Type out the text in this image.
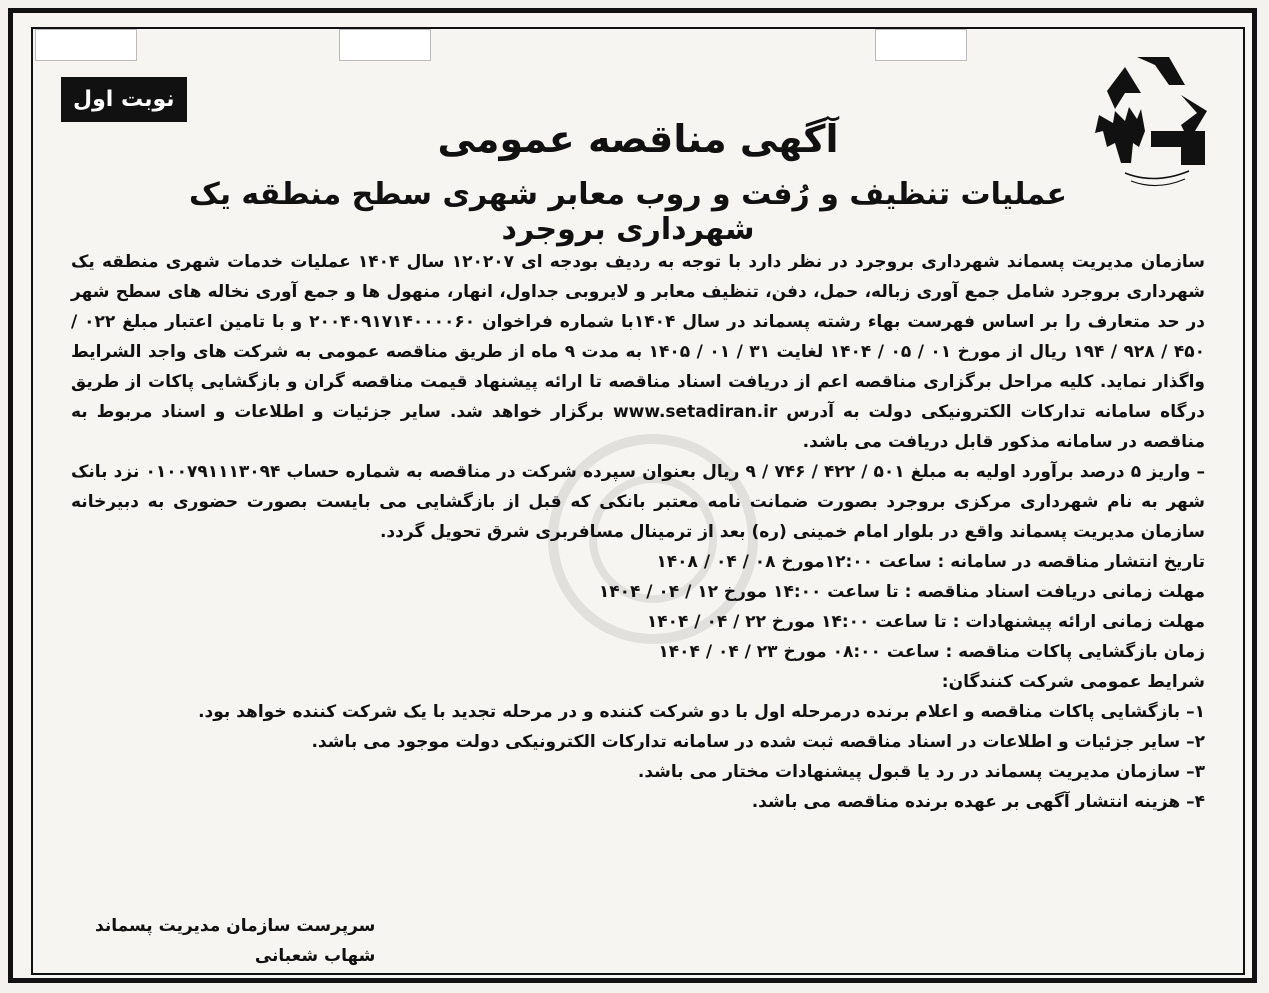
نوبت اول
آگهی مناقصه عمومی
عملیات تنظیف و رُفت و روب معابر شهری سطح منطقه یک شهرداری بروجرد

سازمان مدیریت پسماند شهرداری بروجرد در نظر دارد با توجه به ردیف بودجه ای ۱۲۰۲۰۷ سال ۱۴۰۴ عملیات خدمات شهری منطقه یک شهرداری بروجرد شامل جمع آوری زباله، حمل، دفن، تنظیف معابر و لایروبی جداول، انهار، منهول ها و جمع آوری نخاله های سطح شهر در حد متعارف را بر اساس فهرست بهاء رشته پسماند در سال ۱۴۰۴با شماره فراخوان ۲۰۰۴۰۹۱۷۱۴۰۰۰۰۶۰ و با تامین اعتبار مبلغ ۰۲۲ / ۴۵۰ / ۹۲۸ / ۱۹۴ ریال از مورخ ۰۱ / ۰۵ / ۱۴۰۴ لغایت ۳۱ / ۰۱ / ۱۴۰۵ به مدت ۹ ماه از طریق مناقصه عمومی به شرکت های واجد الشرایط واگذار نماید. کلیه مراحل برگزاری مناقصه اعم از دریافت اسناد مناقصه تا ارائه پیشنهاد قیمت مناقصه گران و بازگشایی پاکات از طریق درگاه سامانه تدارکات الکترونیکی دولت به آدرس www.setadiran.ir برگزار خواهد شد. سایر جزئیات و اطلاعات و اسناد مربوط به مناقصه در سامانه مذکور قابل دریافت می باشد.

– واریز ۵ درصد برآورد اولیه به مبلغ ۵۰۱ / ۴۲۲ / ۷۴۶ / ۹ ریال بعنوان سپرده شرکت در مناقصه به شماره حساب ۰۱۰۰۷۹۱۱۱۳۰۹۴ نزد بانک شهر به نام شهرداری مرکزی بروجرد بصورت ضمانت نامه معتبر بانکی که قبل از بازگشایی می بایست بصورت حضوری به دبیرخانه سازمان مدیریت پسماند واقع در بلوار امام خمینی (ره) بعد از ترمینال مسافربری شرق تحویل گردد.

تاریخ انتشار مناقصه در سامانه : ساعت ۱۲:۰۰مورخ ۰۸ / ۰۴ / ۱۴۰۸
مهلت زمانی دریافت اسناد مناقصه : تا ساعت ۱۴:۰۰ مورخ ۱۲ / ۰۴ / ۱۴۰۴
مهلت زمانی ارائه پیشنهادات : تا ساعت ۱۴:۰۰ مورخ ۲۲ / ۰۴ / ۱۴۰۴
زمان بازگشایی پاکات مناقصه : ساعت ۰۸:۰۰ مورخ ۲۳ / ۰۴ / ۱۴۰۴
شرایط عمومی شرکت کنندگان:
۱– بازگشایی پاکات مناقصه و اعلام برنده درمرحله اول با دو شرکت کننده و در مرحله تجدید با یک شرکت کننده خواهد بود.
۲– سایر جزئیات و اطلاعات در اسناد مناقصه ثبت شده در سامانه تدارکات الکترونیکی دولت موجود می باشد.
۳– سازمان مدیریت پسماند در رد یا قبول پیشنهادات مختار می باشد.
۴– هزینه انتشار آگهی بر عهده برنده مناقصه می باشد.
سرپرست سازمان مدیریت پسماند
شهاب شعبانی
